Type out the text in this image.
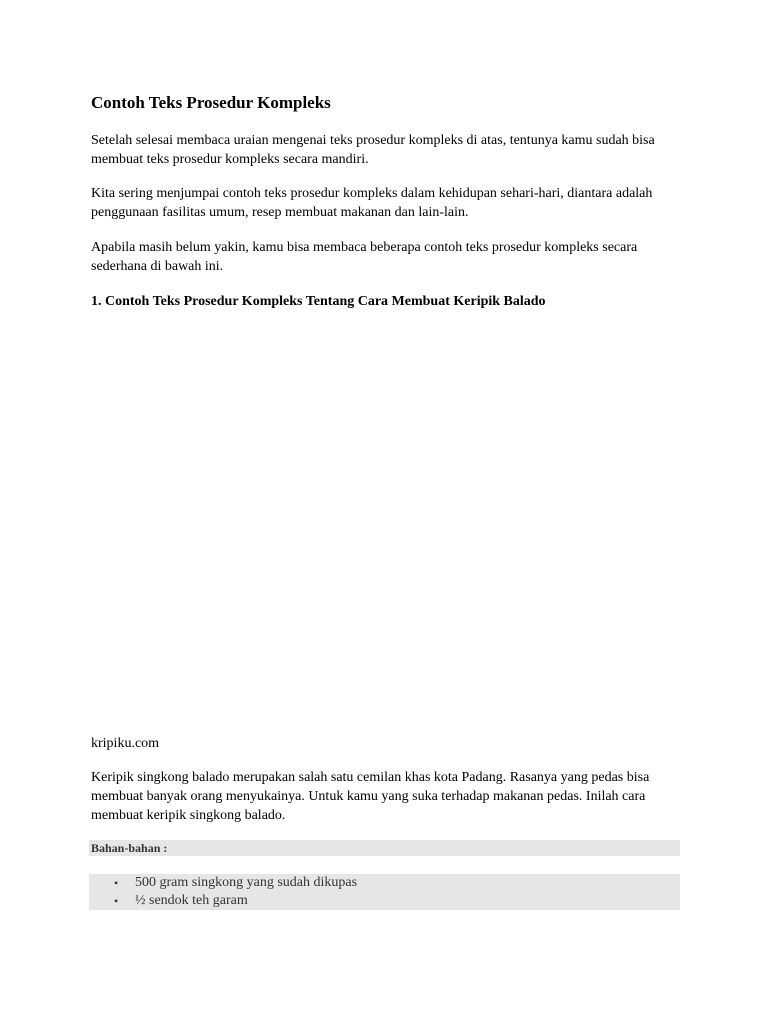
Contoh Teks Prosedur Kompleks

Setelah selesai membaca uraian mengenai teks prosedur kompleks di atas, tentunya kamu sudah bisa membuat teks prosedur kompleks secara mandiri.

Kita sering menjumpai contoh teks prosedur kompleks dalam kehidupan sehari-hari, diantara adalah penggunaan fasilitas umum, resep membuat makanan dan lain-lain.

Apabila masih belum yakin, kamu bisa membaca beberapa contoh teks prosedur kompleks secara sederhana di bawah ini.

1. Contoh Teks Prosedur Kompleks Tentang Cara Membuat Keripik Balado

kripiku.com

Keripik singkong balado merupakan salah satu cemilan khas kota Padang. Rasanya yang pedas bisa membuat banyak orang menyukainya. Untuk kamu yang suka terhadap makanan pedas. Inilah cara membuat keripik singkong balado.

Bahan-bahan :
• 500 gram singkong yang sudah dikupas
• ½ sendok teh garam
